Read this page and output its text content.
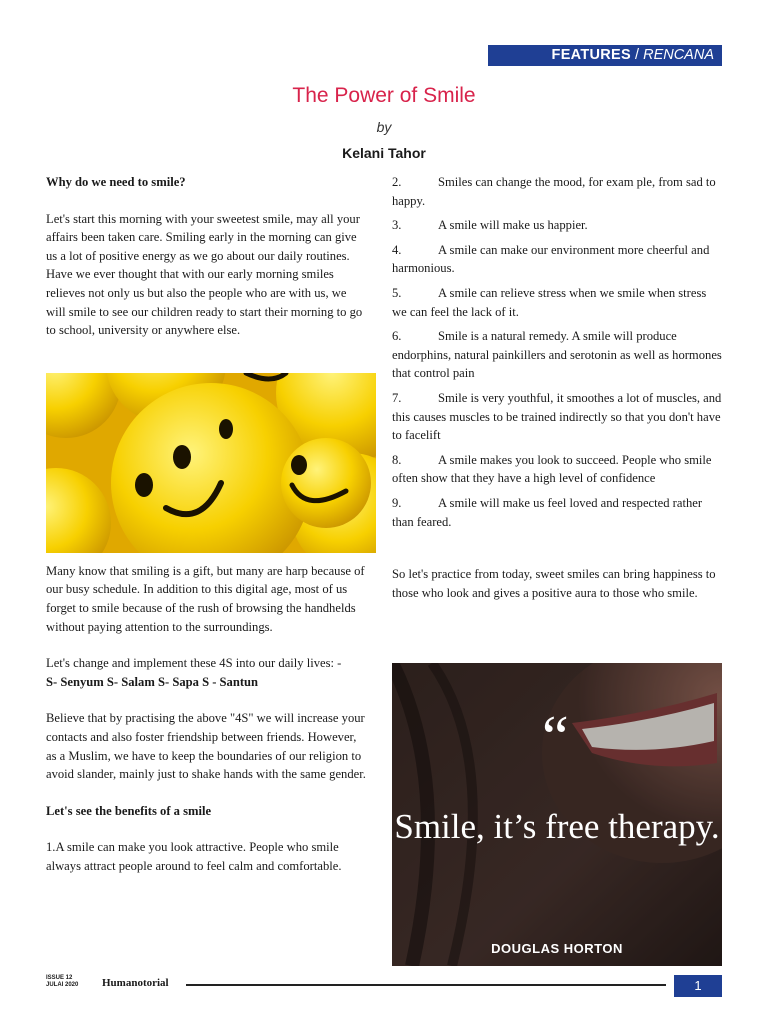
FEATURES / RENCANA
The Power of Smile
by
Kelani Tahor

Why do we need to smile?

Let's start this morning with your sweetest smile, may all your affairs been taken care. Smiling early in the morning can give us a lot of positive energy as we go about our daily routines. Have we ever thought that with our early morning smiles relieves not only us but also the people who are with us, we will smile to see our children ready to start their morning to go to school, university or anywhere else.

Many know that smiling is a gift, but many are harp because of our busy schedule. In addition to this digital age, most of us forget to smile because of the rush of browsing the handhelds without paying attention to the surroundings.

Let's change and implement these 4S into our daily lives: -

S- Senyum S- Salam S- Sapa S - Santun

Believe that by practising the above "4S" we will increase your contacts and also foster friendship between friends. However, as a Muslim, we have to keep the boundaries of our religion to avoid slander, mainly just to shake hands with the same gender.

Let's see the benefits of a smile

1.A smile can make you look attractive. People who smile always attract people around to feel calm and comfortable.

2.	Smiles can change the mood, for exam ple, from sad to happy.

3.	A smile will make us happier.

4.	A smile can make our environment more cheerful and harmonious.

5.	A smile can relieve stress when we smile when stress we can feel the lack of it.

6.	Smile is a natural remedy. A smile will produce endorphins, natural painkillers and serotonin as well as hormones that control pain

7.	Smile is very youthful, it smoothes a lot of muscles, and this causes muscles to be trained indirectly so that you don't have to facelift

8.	A smile makes you look to succeed. People who smile often show that they have a high level of confidence

9.	A smile will make us feel loved and respected rather than feared.

So let's practice from today, sweet smiles can bring happiness to those who look and gives a positive aura to those who smile.

“
Smile, it’s free therapy.
DOUGLAS HORTON
ISSUE 12
JULAI 2020 Humanotorial	1
